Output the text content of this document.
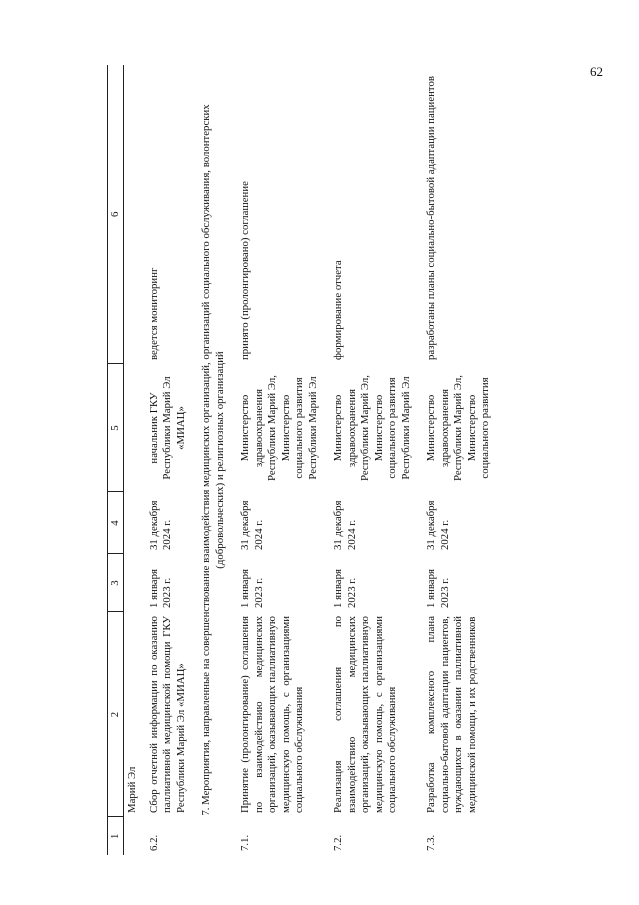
62
1	2	3	4	5	6
	Марий Эл				
6.2.	Сбор отчетной информации по оказанию паллиативной медицинской помощи ГКУ Республики Марий Эл «МИАЦ»	1 января 2023 г.	31 декабря 2024 г.	начальник ГКУ Республики Марий Эл «МИАЦ»	ведется мониторинг
7. Мероприятия, направленные на совершенствование взаимодействия медицинских организаций, организаций социального обслуживания, волонтерских (добровольческих) и религиозных организаций					
7.1.	Принятие (пролонгирование) соглашения по взаимодействию медицинских организаций, оказывающих паллиативную медицинскую помощь, с организациями социального обслуживания	1 января 2023 г.	31 декабря 2024 г.	Министерство здравоохранения Республики Марий Эл, Министерство социального развития Республики Марий Эл	принято (пролонгировано) соглашение
7.2.	Реализация соглашения по взаимодействию медицинских организаций, оказывающих паллиативную медицинскую помощь, с организациями социального обслуживания	1 января 2023 г.	31 декабря 2024 г.	Министерство здравоохранения Республики Марий Эл, Министерство социального развития Республики Марий Эл	формирование отчета
7.3.	Разработка комплексного плана социально-бытовой адаптации пациентов, нуждающихся в оказании паллиативной медицинской помощи, и их родственников	1 января 2023 г.	31 декабря 2024 г.	Министерство здравоохранения Республики Марий Эл, Министерство социального развития	разработаны планы социально-бытовой адаптации пациентов
